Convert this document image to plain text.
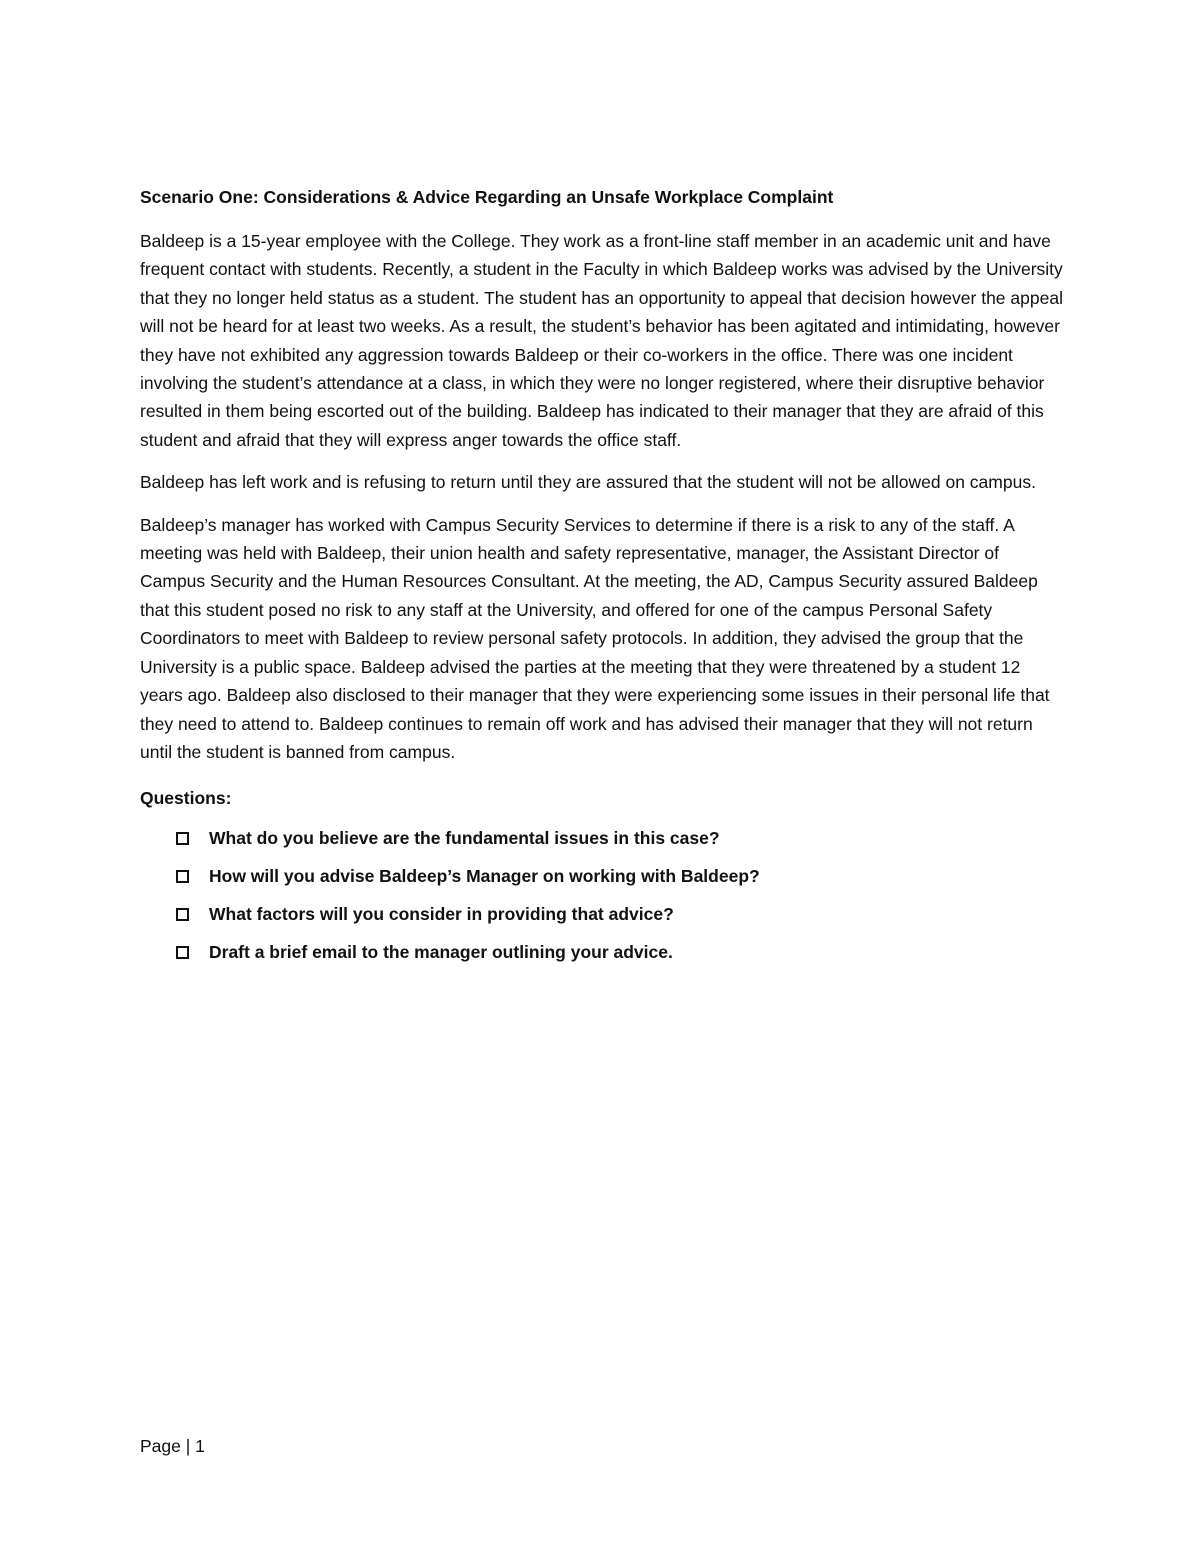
Scenario One: Considerations & Advice Regarding an Unsafe Workplace Complaint

Baldeep is a 15-year employee with the College. They work as a front-line staff member in an academic unit and have frequent contact with students. Recently, a student in the Faculty in which Baldeep works was advised by the University that they no longer held status as a student. The student has an opportunity to appeal that decision however the appeal will not be heard for at least two weeks. As a result, the student’s behavior has been agitated and intimidating, however they have not exhibited any aggression towards Baldeep or their co-workers in the office. There was one incident involving the student’s attendance at a class, in which they were no longer registered, where their disruptive behavior resulted in them being escorted out of the building. Baldeep has indicated to their manager that they are afraid of this student and afraid that they will express anger towards the office staff.

Baldeep has left work and is refusing to return until they are assured that the student will not be allowed on campus.

Baldeep’s manager has worked with Campus Security Services to determine if there is a risk to any of the staff. A meeting was held with Baldeep, their union health and safety representative, manager, the Assistant Director of Campus Security and the Human Resources Consultant. At the meeting, the AD, Campus Security assured Baldeep that this student posed no risk to any staff at the University, and offered for one of the campus Personal Safety Coordinators to meet with Baldeep to review personal safety protocols. In addition, they advised the group that the University is a public space. Baldeep advised the parties at the meeting that they were threatened by a student 12 years ago. Baldeep also disclosed to their manager that they were experiencing some issues in their personal life that they need to attend to. Baldeep continues to remain off work and has advised their manager that they will not return until the student is banned from campus.

Questions:
What do you believe are the fundamental issues in this case?
How will you advise Baldeep’s Manager on working with Baldeep?
What factors will you consider in providing that advice?
Draft a brief email to the manager outlining your advice.
Page | 1
